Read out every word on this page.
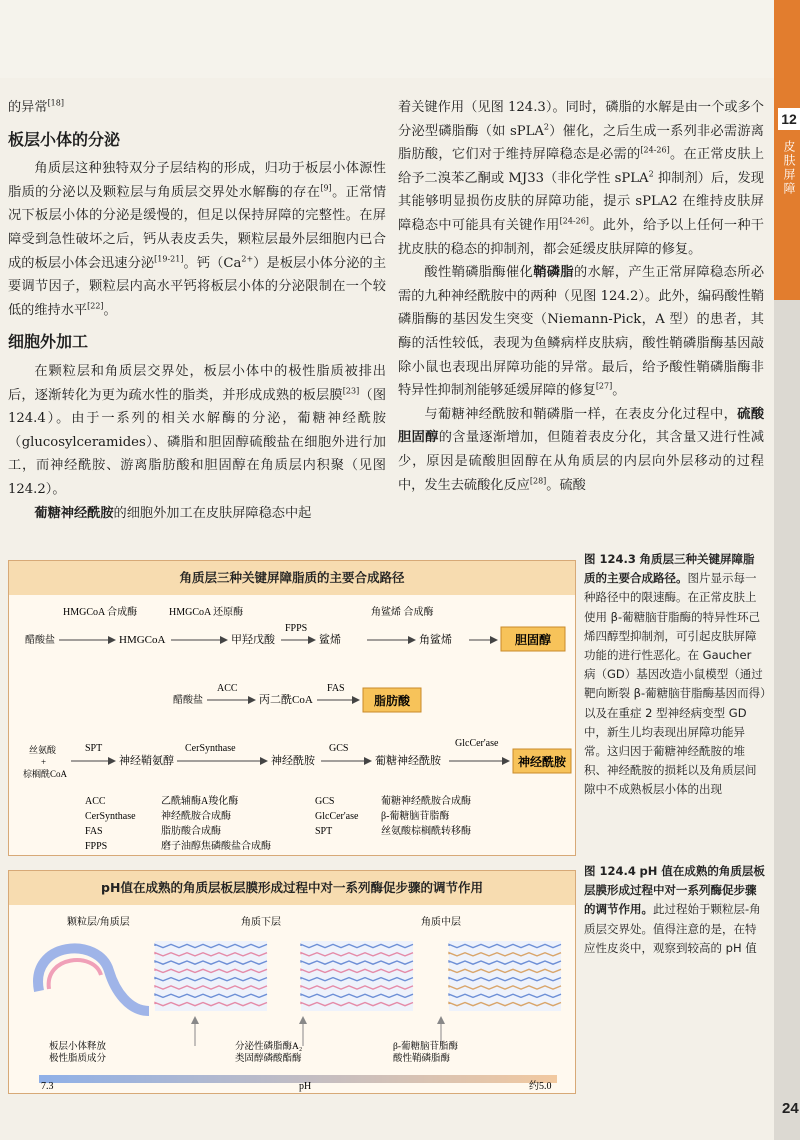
12
皮肤屏障
24

的异常[18]

板层小体的分泌

角质层这种独特双分子层结构的形成，归功于板层小体源性脂质的分泌以及颗粒层与角质层交界处水解酶的存在[9]。正常情况下板层小体的分泌是缓慢的，但足以保持屏障的完整性。在屏障受到急性破坏之后，钙从表皮丢失，颗粒层最外层细胞内已合成的板层小体会迅速分泌[19-21]。钙$(Ca^{2+})$是板层小体分泌的主要调节因子，颗粒层内高水平钙将板层小体的分泌限制在一个较低的维持水平[22]。

细胞外加工

在颗粒层和角质层交界处，板层小体中的极性脂质被排出后，逐渐转化为更为疏水性的脂类，并形成成熟的板层膜[23]（图 124.4）。由于一系列的相关水解酶的分泌，葡糖神经酰胺（glucosylceramides）、磷脂和胆固醇硫酸盐在细胞外进行加工，而神经酰胺、游离脂肪酸和胆固醇在角质层内积聚（见图 124.2）。

葡糖神经酰胺的细胞外加工在皮肤屏障稳态中起

着关键作用（见图 124.3）。同时，磷脂的水解是由一个或多个分泌型磷脂酶（如 sPLA$^2$）催化，之后生成一系列非必需游离脂肪酸，它们对于维持屏障稳态是必需的[24-26]。在正常皮肤上给予二溴苯乙酮或 MJ33（非化学性 sPLA$^2$ 抑制剂）后，发现其能够明显损伤皮肤的屏障功能，提示 sPLA2 在维持皮肤屏障稳态中可能具有关键作用[24-26]。此外，给予以上任何一种干扰皮肤的稳态的抑制剂，都会延缓皮肤屏障的修复。

酸性鞘磷脂酶催化鞘磷脂的水解，产生正常屏障稳态所必需的九种神经酰胺中的两种（见图 124.2）。此外，编码酸性鞘磷脂酶的基因发生突变（Niemann-Pick，A 型）的患者，其酶的活性较低，表现为鱼鳞病样皮肤病，酸性鞘磷脂酶基因敲除小鼠也表现出屏障功能的异常。最后，给予酸性鞘磷脂酶非特异性抑制剂能够延缓屏障的修复[27]。

与葡糖神经酰胺和鞘磷脂一样，在表皮分化过程中，硫酸胆固醇的含量逐渐增加，但随着表皮分化，其含量又进行性减少，原因是硫酸胆固醇在从角质层的内层向外层移动的过程中，发生去硫酸化反应[28]。硫酸

角质层三种关键屏障脂质的主要合成路径
醋酸盐
HMGCoA 合成酶
HMGCoA
HMGCoA 还原酶
甲羟戊酸
FPPS
鲨烯
角鲨烯 合成酶
角鲨烯	胆固醇
醋酸盐
ACC
丙二酰CoA
FAS
脂肪酸
丝氨酸
+
棕榈酰CoA
SPT
神经鞘氨醇
CerSynthase
神经酰胺
GCS
葡糖神经酰胺
GlcCer'ase
神经酰胺
ACC	乙酰辅酶A羧化酶
CerSynthase	神经酰胺合成酶
FAS	脂肪酸合成酶
FPPS	磨子油醇焦磷酸盐合成酶
GCS	葡糖神经酰胺合成酶
GlcCer'ase β-葡糖脑苷脂酶
SPT	丝氨酸棕榈酰转移酶
图 124.3 角质层三种关键屏障脂质的主要合成路径。图片显示每一种路径中的限速酶。在正常皮肤上使用 β-葡糖脑苷脂酶的特异性环己烯四醇型抑制剂，可引起皮肤屏障功能的进行性恶化。在 Gaucher 病（GD）基因改造小鼠模型（通过靶向断裂 β-葡糖脑苷脂酶基因而得）以及在重症 2 型神经病变型 GD 中，新生儿均表现出屏障功能异常。这归因于葡糖神经酰胺的堆积、神经酰胺的损耗以及角质层间隙中不成熟板层小体的出现
pH值在成熟的角质层板层膜形成过程中对一系列酶促步骤的调节作用
颗粒层/角质层	角质下层	角质中层
板层小体释放极性脂质成分
分泌性磷脂酶A₂ 类固醇磷酸酯酶
β-葡糖脑苷脂酶酸性鞘磷脂酶
7.3	pH	约5.0
图 124.4 pH 值在成熟的角质层板层膜形成过程中对一系列酶促步骤的调节作用。此过程始于颗粒层-角质层交界处。值得注意的是，在特应性皮炎中，观察到较高的 pH 值
